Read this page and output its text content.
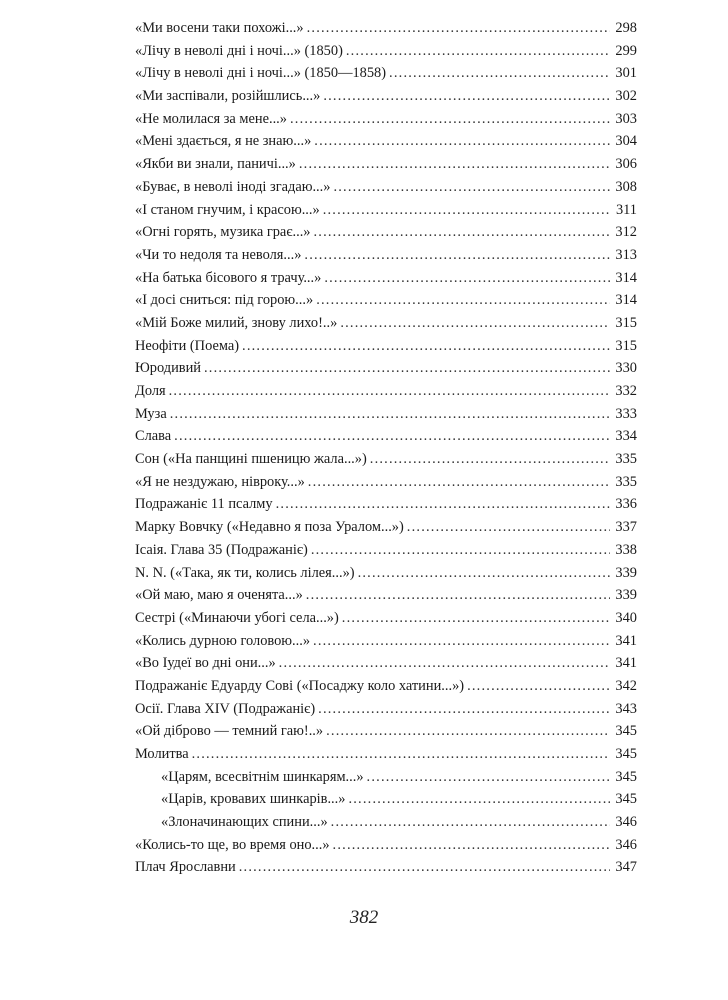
«Ми восени таки похожі...» .....	298
«Лічу в неволі дні і ночі...» (1850) .....	299
«Лічу в неволі дні і ночі...» (1850—1858) .....	301
«Ми заспівали, розійшлись...» .....	302
«Не молилася за мене...» .....	303
«Мені здається, я не знаю...» .....	304
«Якби ви знали, паничі...» .....	306
«Буває, в неволі іноді згадаю...» .....	308
«І станом гнучим, і красою...» .....	311
«Огні горять, музика грає...» .....	312
«Чи то недоля та неволя...» .....	313
«На батька бісового я трачу...» .....	314
«І досі сниться: під горою...» .....	314
«Мій Боже милий, знову лихо!..» .....	315
Неофіти (Поема) .....	315
Юродивий .....	330
Доля .....	332
Муза .....	333
Слава .....	334
Сон («На панщині пшеницю жала...») .....	335
«Я не нездужаю, нівроку...» .....	335
Подражаніє 11 псалму .....	336
Марку Вовчку («Недавно я поза Уралом...») .....	337
Ісаія. Глава 35 (Подражаніє) .....	338
N. N. («Така, як ти, колись лілея...») .....	339
«Ой маю, маю я оченята...» .....	339
Сестрі («Минаючи убогі села...») .....	340
«Колись дурною головою...» .....	341
«Во Іудеї во дні они...» .....	341
Подражаніє Едуарду Сові («Посаджу коло хатини...») .....	342
Осії. Глава XIV (Подражаніє) .....	343
«Ой діброво — темний гаю!..» .....	345
Молитва .....	345
«Царям, всесвітнім шинкарям...» .....	345
«Царів, кровавих шинкарів...» .....	345
«Злоначинающих спини...» .....	346
«Колись-то ще, во время оно...» .....	346
Плач Ярославни .....	347
382
